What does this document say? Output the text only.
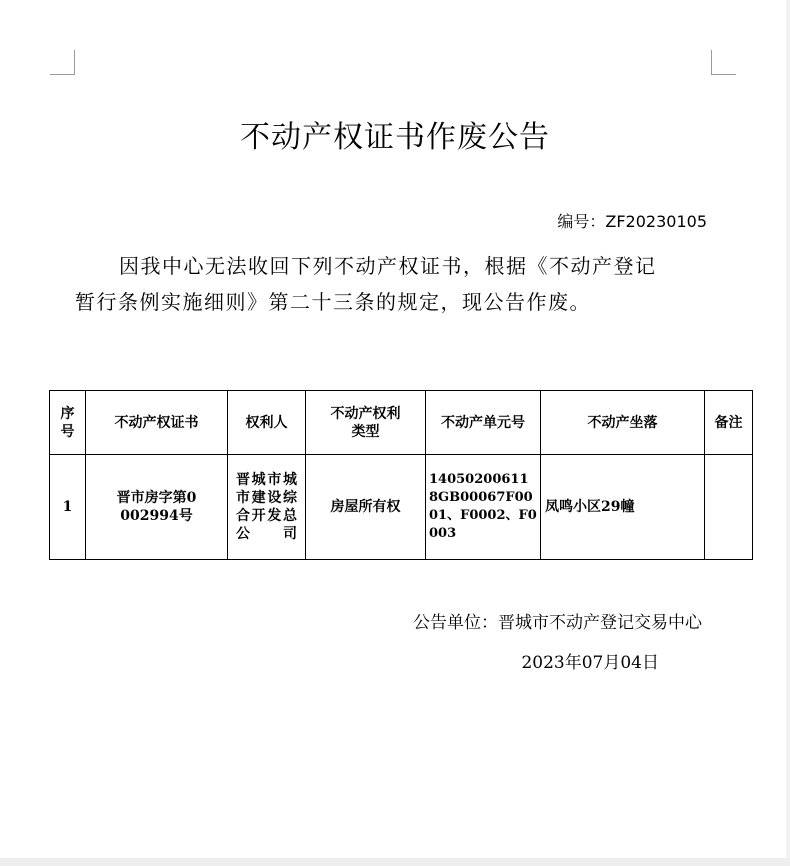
不动产权证书作废公告
编号：ZF20230105
因我中心无法收回下列不动产权证书，根据《不动产登记
暂行条例实施细则》第二十三条的规定，现公告作废。
序号	不动产权证书	权利人	不动产权利类型	不动产单元号	不动产坐落	备注
1	晋市房字第0002994号	晋城市城市建设综合开发总公司	房屋所有权	140502006118GB00067F0001、F0002、F0003	凤鸣小区29幢	
公告单位：晋城市不动产登记交易中心
2023年07月04日
